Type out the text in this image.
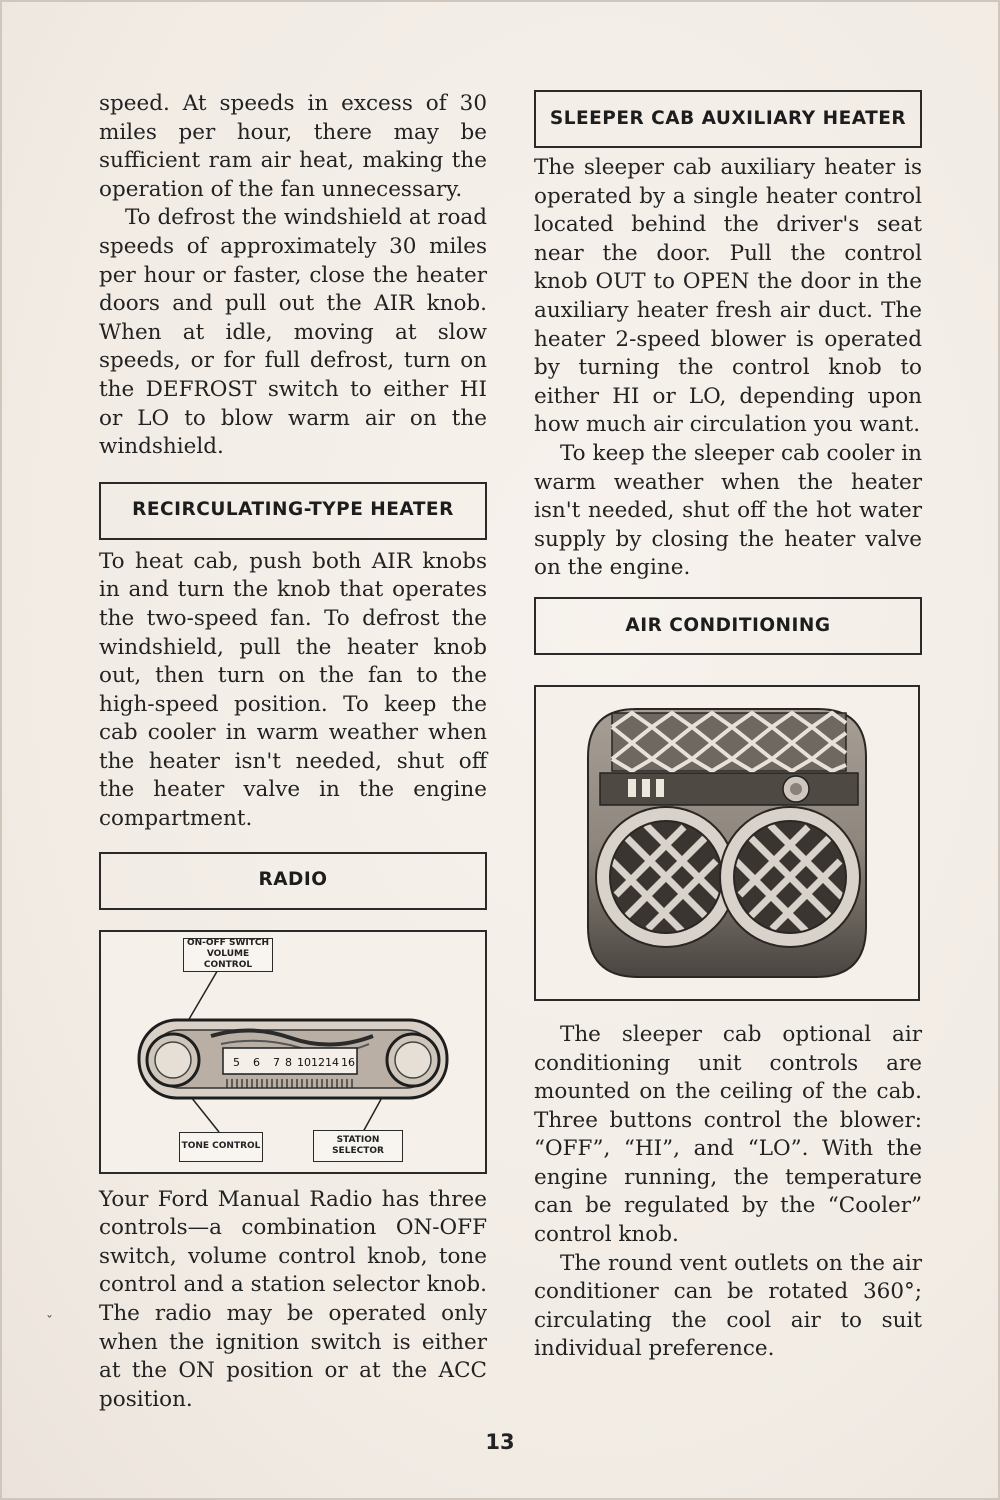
speed. At speeds in excess of 30 miles per hour, there may be sufficient ram air heat, making the operation of the fan unnecessary.

To defrost the windshield at road speeds of approximately 30 miles per hour or faster, close the heater doors and pull out the AIR knob. When at idle, moving at slow speeds, or for full defrost, turn on the DEFROST switch to either HI or LO to blow warm air on the windshield.

RECIRCULATING-TYPE HEATER

To heat cab, push both AIR knobs in and turn the knob that operates the two-speed fan. To defrost the windshield, pull the heater knob out, then turn on the fan to the high-speed position. To keep the cab cooler in warm weather when the heater isn't needed, shut off the heater valve in the engine compartment.

RADIO
5 6 7 8 10 12 14 16
ON-OFF SWITCH VOLUME CONTROL
TONE CONTROL
STATION SELECTOR

Your Ford Manual Radio has three controls—a combination ON-OFF switch, volume control knob, tone control and a station selector knob. The radio may be operated only when the ignition switch is either at the ON position or at the ACC position.

SLEEPER CAB AUXILIARY HEATER

The sleeper cab auxiliary heater is operated by a single heater control located behind the driver's seat near the door. Pull the control knob OUT to OPEN the door in the auxiliary heater fresh air duct. The heater 2-speed blower is operated by turning the control knob to either HI or LO, depending upon how much air circulation you want.

To keep the sleeper cab cooler in warm weather when the heater isn't needed, shut off the hot water supply by closing the heater valve on the engine.

AIR CONDITIONING

The sleeper cab optional air conditioning unit controls are mounted on the ceiling of the cab. Three buttons control the blower: “OFF”, “HI”, and “LO”. With the engine running, the temperature can be regulated by the “Cooler” control knob.

The round vent outlets on the air conditioner can be rotated 360°; circulating the cool air to suit individual preference.

ˇ
13
